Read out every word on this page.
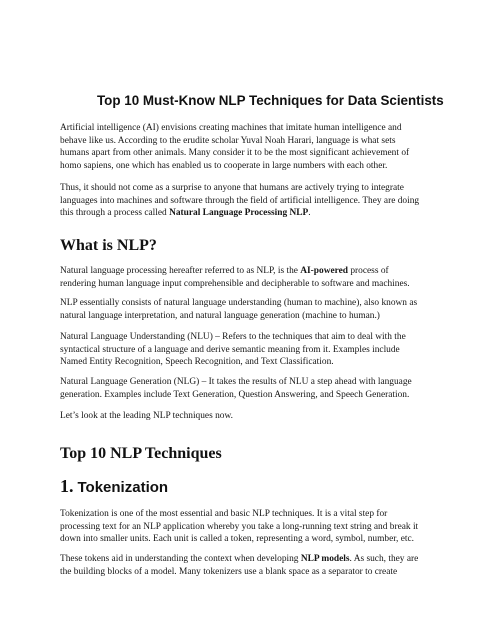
Top 10 Must-Know NLP Techniques for Data Scientists

Artificial intelligence (AI) envisions creating machines that imitate human intelligence and
behave like us. According to the erudite scholar Yuval Noah Harari, language is what sets
humans apart from other animals. Many consider it to be the most significant achievement of
homo sapiens, one which has enabled us to cooperate in large numbers with each other.

Thus, it should not come as a surprise to anyone that humans are actively trying to integrate
languages into machines and software through the field of artificial intelligence. They are doing
this through a process called Natural Language Processing NLP.

What is NLP?

Natural language processing hereafter referred to as NLP, is the AI-powered process of
rendering human language input comprehensible and decipherable to software and machines.

NLP essentially consists of natural language understanding (human to machine), also known as
natural language interpretation, and natural language generation (machine to human.)

Natural Language Understanding (NLU) – Refers to the techniques that aim to deal with the
syntactical structure of a language and derive semantic meaning from it. Examples include
Named Entity Recognition, Speech Recognition, and Text Classification.

Natural Language Generation (NLG) – It takes the results of NLU a step ahead with language
generation. Examples include Text Generation, Question Answering, and Speech Generation.

Let’s look at the leading NLP techniques now.

Top 10 NLP Techniques
1. Tokenization

Tokenization is one of the most essential and basic NLP techniques. It is a vital step for
processing text for an NLP application whereby you take a long-running text string and break it
down into smaller units. Each unit is called a token, representing a word, symbol, number, etc.

These tokens aid in understanding the context when developing NLP models. As such, they are
the building blocks of a model. Many tokenizers use a blank space as a separator to create
